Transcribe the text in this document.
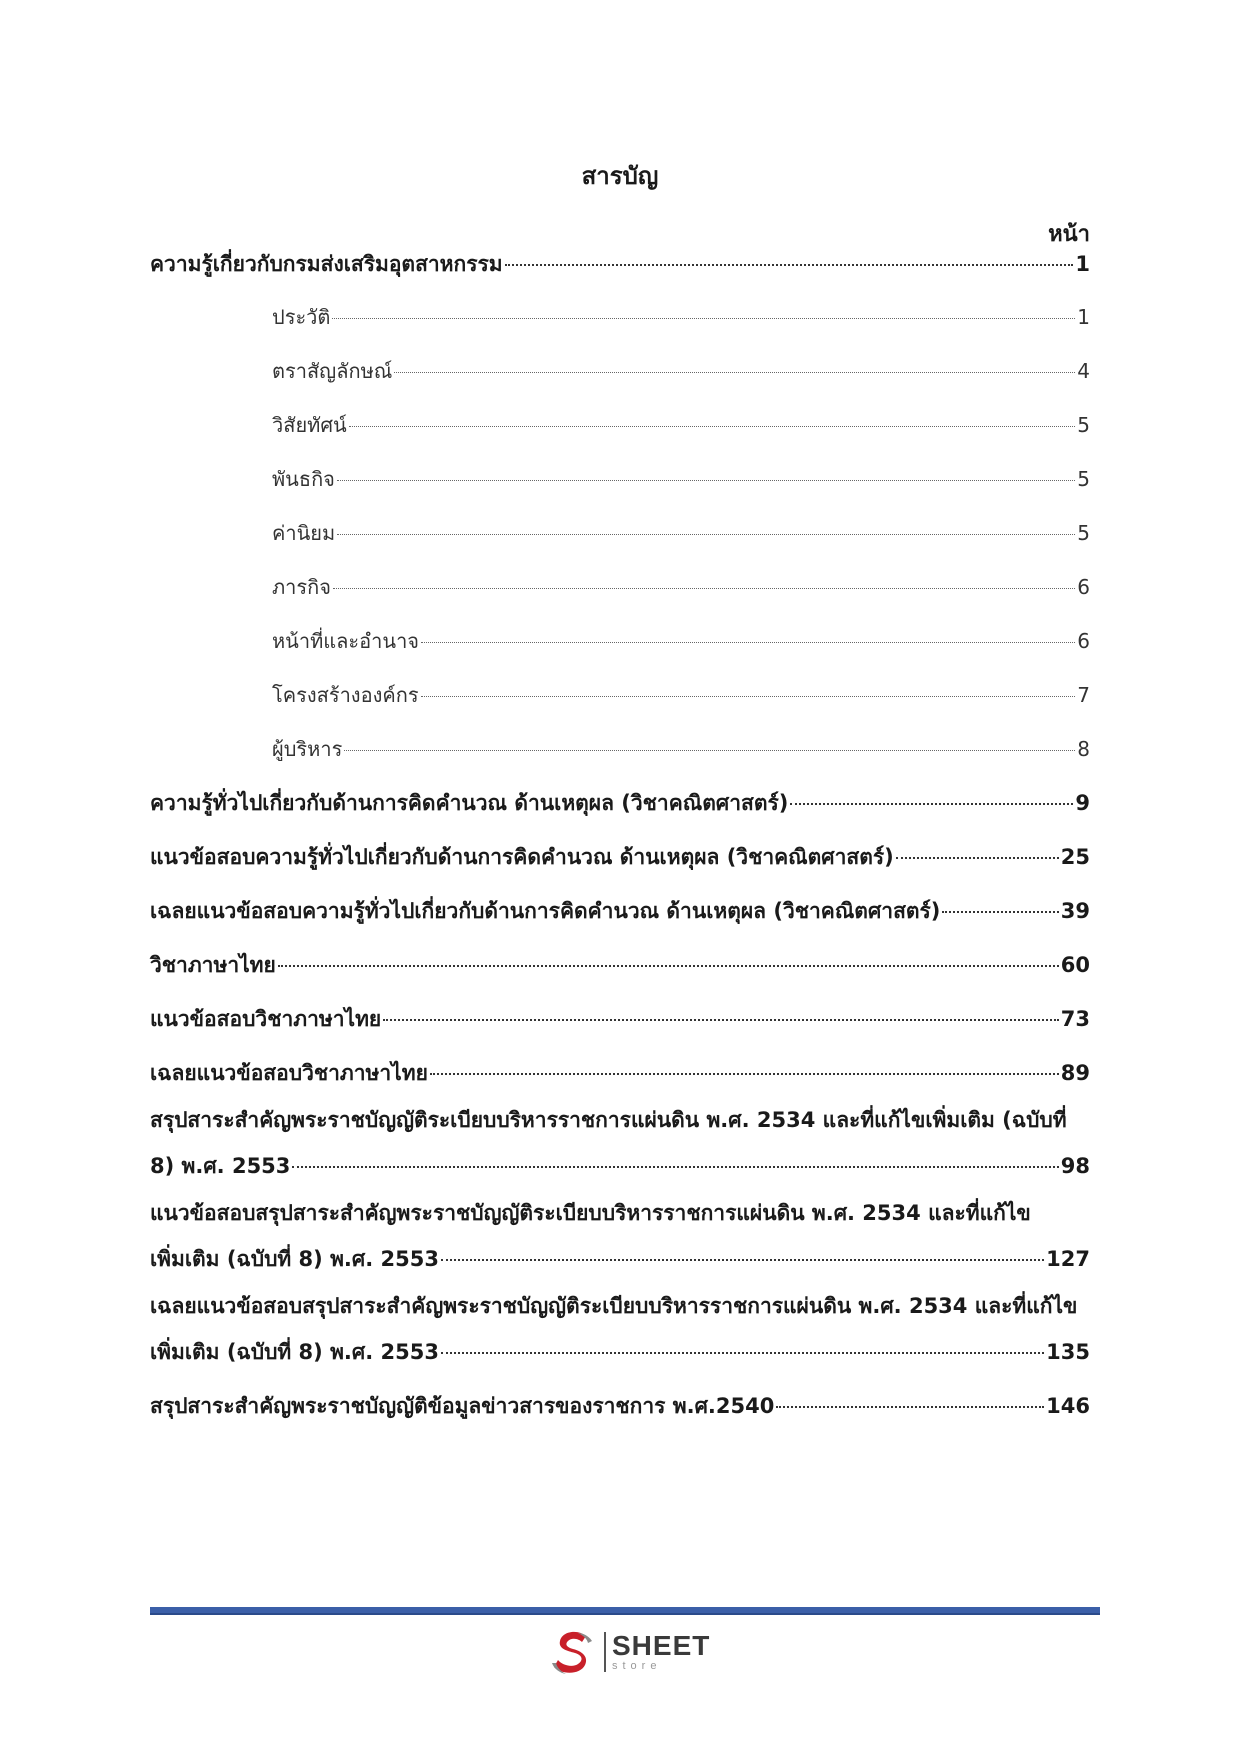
สารบัญ
หน้า
ความรู้เกี่ยวกับกรมส่งเสริมอุตสาหกรรม	1
ประวัติ	1
ตราสัญลักษณ์	4
วิสัยทัศน์	5
พันธกิจ	5
ค่านิยม	5
ภารกิจ	6
หน้าที่และอำนาจ	6
โครงสร้างองค์กร	7
ผู้บริหาร	8
ความรู้ทั่วไปเกี่ยวกับด้านการคิดคำนวณ ด้านเหตุผล (วิชาคณิตศาสตร์)	9
แนวข้อสอบความรู้ทั่วไปเกี่ยวกับด้านการคิดคำนวณ ด้านเหตุผล (วิชาคณิตศาสตร์)	25
เฉลยแนวข้อสอบความรู้ทั่วไปเกี่ยวกับด้านการคิดคำนวณ ด้านเหตุผล (วิชาคณิตศาสตร์)	39
วิชาภาษาไทย	60
แนวข้อสอบวิชาภาษาไทย	73
เฉลยแนวข้อสอบวิชาภาษาไทย	89
สรุปสาระสำคัญพระราชบัญญัติระเบียบบริหารราชการแผ่นดิน พ.ศ. 2534 และที่แก้ไขเพิ่มเติม (ฉบับที่
8) พ.ศ. 2553	98
แนวข้อสอบสรุปสาระสำคัญพระราชบัญญัติระเบียบบริหารราชการแผ่นดิน พ.ศ. 2534 และที่แก้ไข
เพิ่มเติม (ฉบับที่ 8) พ.ศ. 2553	127
เฉลยแนวข้อสอบสรุปสาระสำคัญพระราชบัญญัติระเบียบบริหารราชการแผ่นดิน พ.ศ. 2534 และที่แก้ไข
เพิ่มเติม (ฉบับที่ 8) พ.ศ. 2553	135
สรุปสาระสำคัญพระราชบัญญัติข้อมูลข่าวสารของราชการ พ.ศ.2540	146
SHEET
store
